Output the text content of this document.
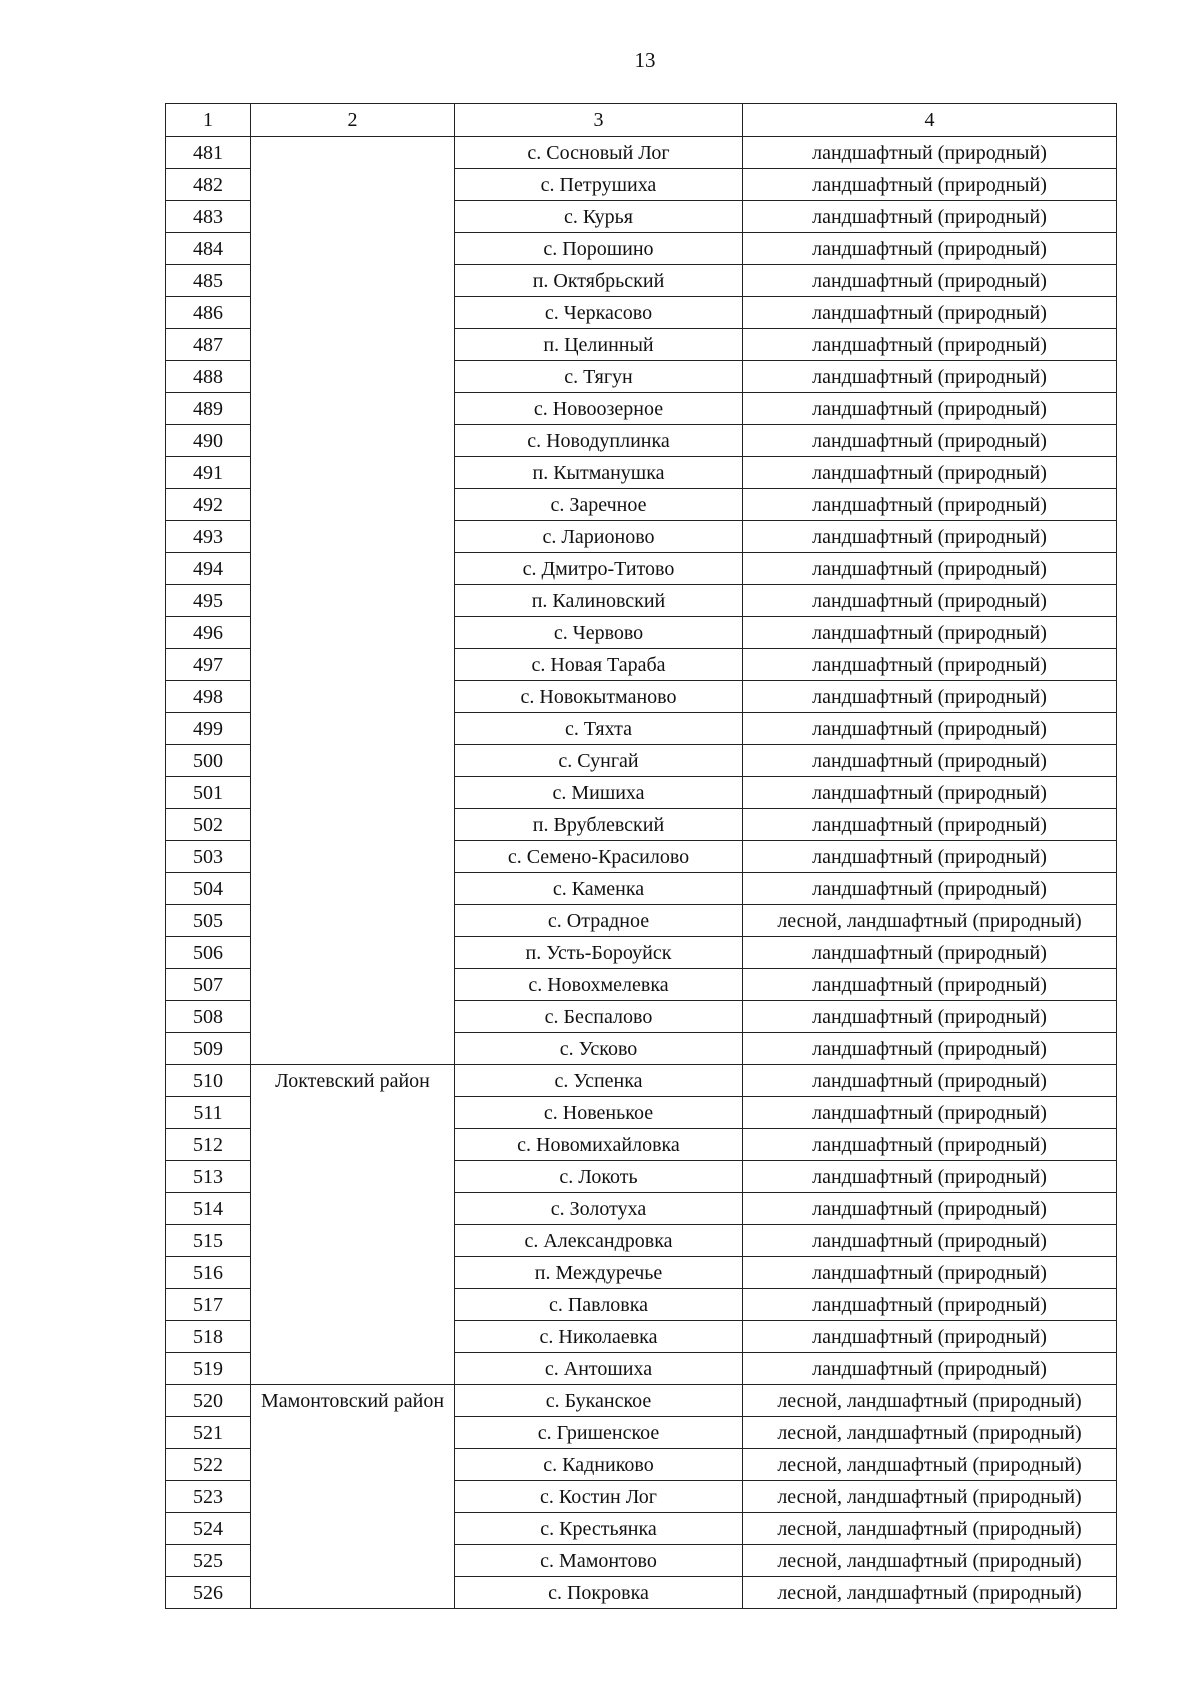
13
1	2	3	4
481		с. Сосновый Лог	ландшафтный (природный)
482		с. Петрушиха	ландшафтный (природный)
483		с. Курья	ландшафтный (природный)
484		с. Порошино	ландшафтный (природный)
485		п. Октябрьский	ландшафтный (природный)
486		с. Черкасово	ландшафтный (природный)
487		п. Целинный	ландшафтный (природный)
488		с. Тягун	ландшафтный (природный)
489		с. Новоозерное	ландшафтный (природный)
490		с. Новодуплинка	ландшафтный (природный)
491		п. Кытманушка	ландшафтный (природный)
492		с. Заречное	ландшафтный (природный)
493		с. Ларионово	ландшафтный (природный)
494		с. Дмитро-Титово	ландшафтный (природный)
495		п. Калиновский	ландшафтный (природный)
496		с. Червово	ландшафтный (природный)
497		с. Новая Тараба	ландшафтный (природный)
498		с. Новокытманово	ландшафтный (природный)
499		с. Тяхта	ландшафтный (природный)
500		с. Сунгай	ландшафтный (природный)
501		с. Мишиха	ландшафтный (природный)
502		п. Врублевский	ландшафтный (природный)
503		с. Семено-Красилово	ландшафтный (природный)
504		с. Каменка	ландшафтный (природный)
505		с. Отрадное	лесной, ландшафтный (природный)
506		п. Усть-Бороуйск	ландшафтный (природный)
507		с. Новохмелевка	ландшафтный (природный)
508		с. Беспалово	ландшафтный (природный)
509		с. Усково	ландшафтный (природный)
510	Локтевский район	с. Успенка	ландшафтный (природный)
511		с. Новенькое	ландшафтный (природный)
512		с. Новомихайловка	ландшафтный (природный)
513		с. Локоть	ландшафтный (природный)
514		с. Золотуха	ландшафтный (природный)
515		с. Александровка	ландшафтный (природный)
516		п. Междуречье	ландшафтный (природный)
517		с. Павловка	ландшафтный (природный)
518		с. Николаевка	ландшафтный (природный)
519		с. Антошиха	ландшафтный (природный)
520	Мамонтовский район	с. Буканское	лесной, ландшафтный (природный)
521		с. Гришенское	лесной, ландшафтный (природный)
522		с. Кадниково	лесной, ландшафтный (природный)
523		с. Костин Лог	лесной, ландшафтный (природный)
524		с. Крестьянка	лесной, ландшафтный (природный)
525		с. Мамонтово	лесной, ландшафтный (природный)
526		с. Покровка	лесной, ландшафтный (природный)
